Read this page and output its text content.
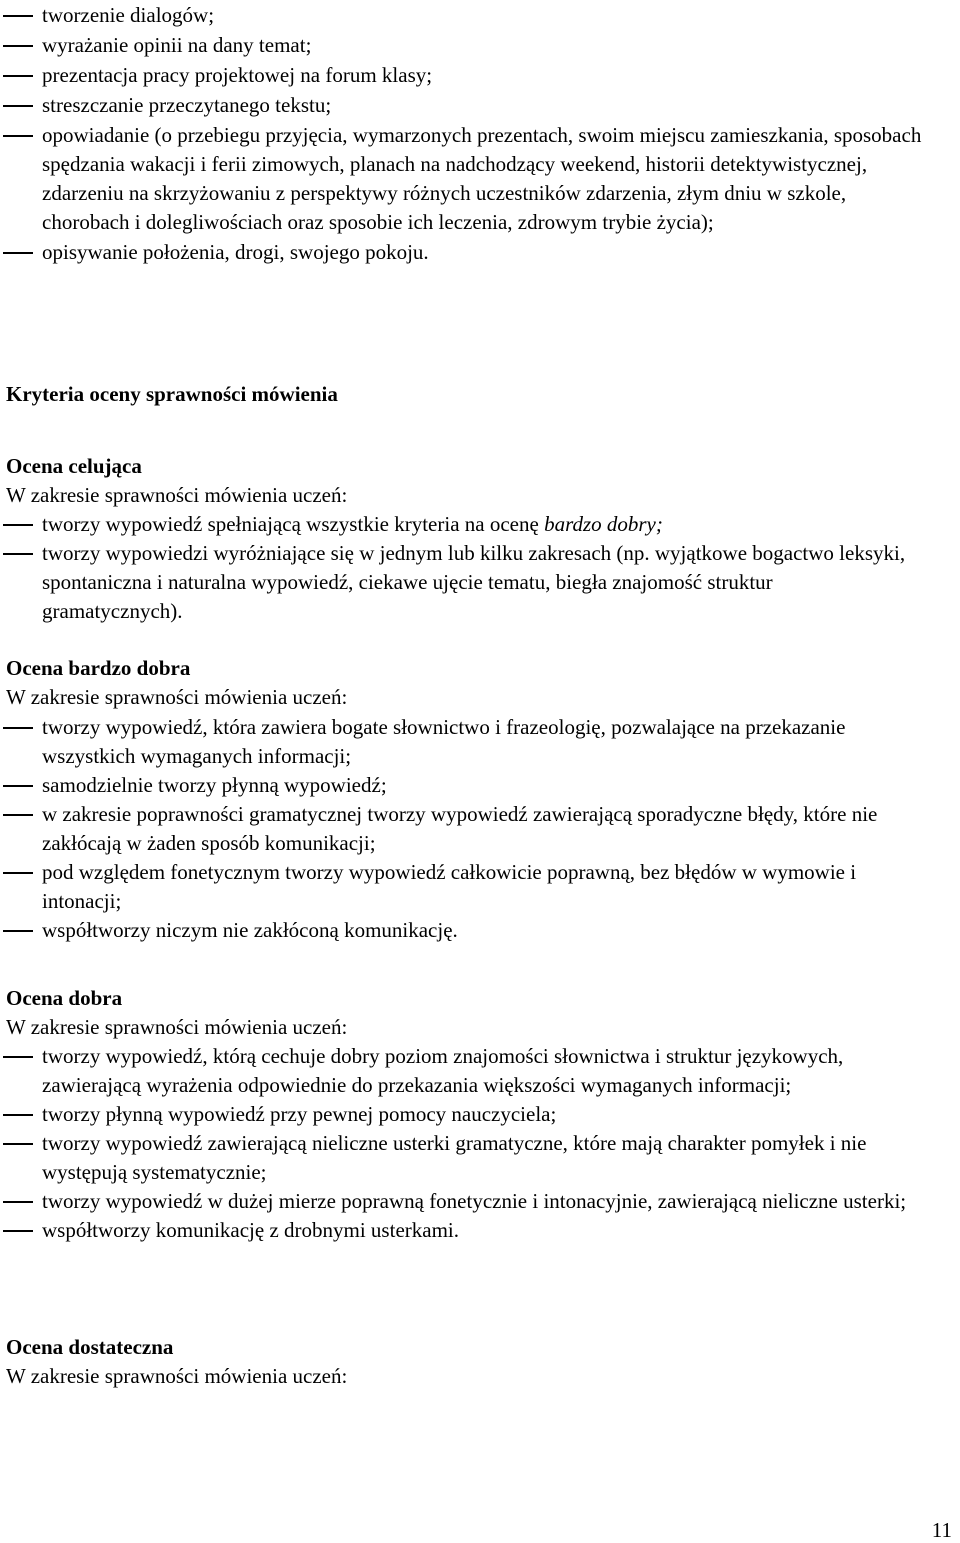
tworzenie dialogów;
wyrażanie opinii na dany temat;
prezentacja pracy projektowej na forum klasy;
streszczanie przeczytanego tekstu;
opowiadanie (o przebiegu przyjęcia, wymarzonych prezentach, swoim miejscu zamieszkania, sposobach spędzania wakacji i ferii zimowych, planach na nadchodzący weekend, historii detektywistycznej, zdarzeniu na skrzyżowaniu z perspektywy różnych uczestników zdarzenia, złym dniu w szkole, chorobach i dolegliwościach oraz sposobie ich leczenia, zdrowym trybie życia);
opisywanie położenia, drogi, swojego pokoju.
Kryteria oceny sprawności mówienia
Ocena celująca
W zakresie sprawności mówienia uczeń:
tworzy wypowiedź spełniającą wszystkie kryteria na ocenę bardzo dobry;
tworzy wypowiedzi wyróżniające się w jednym lub kilku zakresach (np. wyjątkowe bogactwo leksyki, spontaniczna i naturalna wypowiedź, ciekawe ujęcie tematu, biegła znajomość struktur gramatycznych).
Ocena bardzo dobra
W zakresie sprawności mówienia uczeń:
tworzy wypowiedź, która zawiera bogate słownictwo i frazeologię, pozwalające na przekazanie wszystkich wymaganych informacji;
samodzielnie tworzy płynną wypowiedź;
w zakresie poprawności gramatycznej tworzy wypowiedź zawierającą sporadyczne błędy, które nie zakłócają w żaden sposób komunikacji;
pod względem fonetycznym tworzy wypowiedź całkowicie poprawną, bez błędów w wymowie i intonacji;
współtworzy niczym nie zakłóconą komunikację.
Ocena dobra
W zakresie sprawności mówienia uczeń:
tworzy wypowiedź, którą cechuje dobry poziom znajomości słownictwa i struktur językowych, zawierającą wyrażenia odpowiednie do przekazania większości wymaganych informacji;
tworzy płynną wypowiedź przy pewnej pomocy nauczyciela;
tworzy wypowiedź zawierającą nieliczne usterki gramatyczne, które mają charakter pomyłek i nie występują systematycznie;
tworzy wypowiedź w dużej mierze poprawną fonetycznie i intonacyjnie, zawierającą nieliczne usterki;
współtworzy komunikację z drobnymi usterkami.
Ocena dostateczna
W zakresie sprawności mówienia uczeń:
11
